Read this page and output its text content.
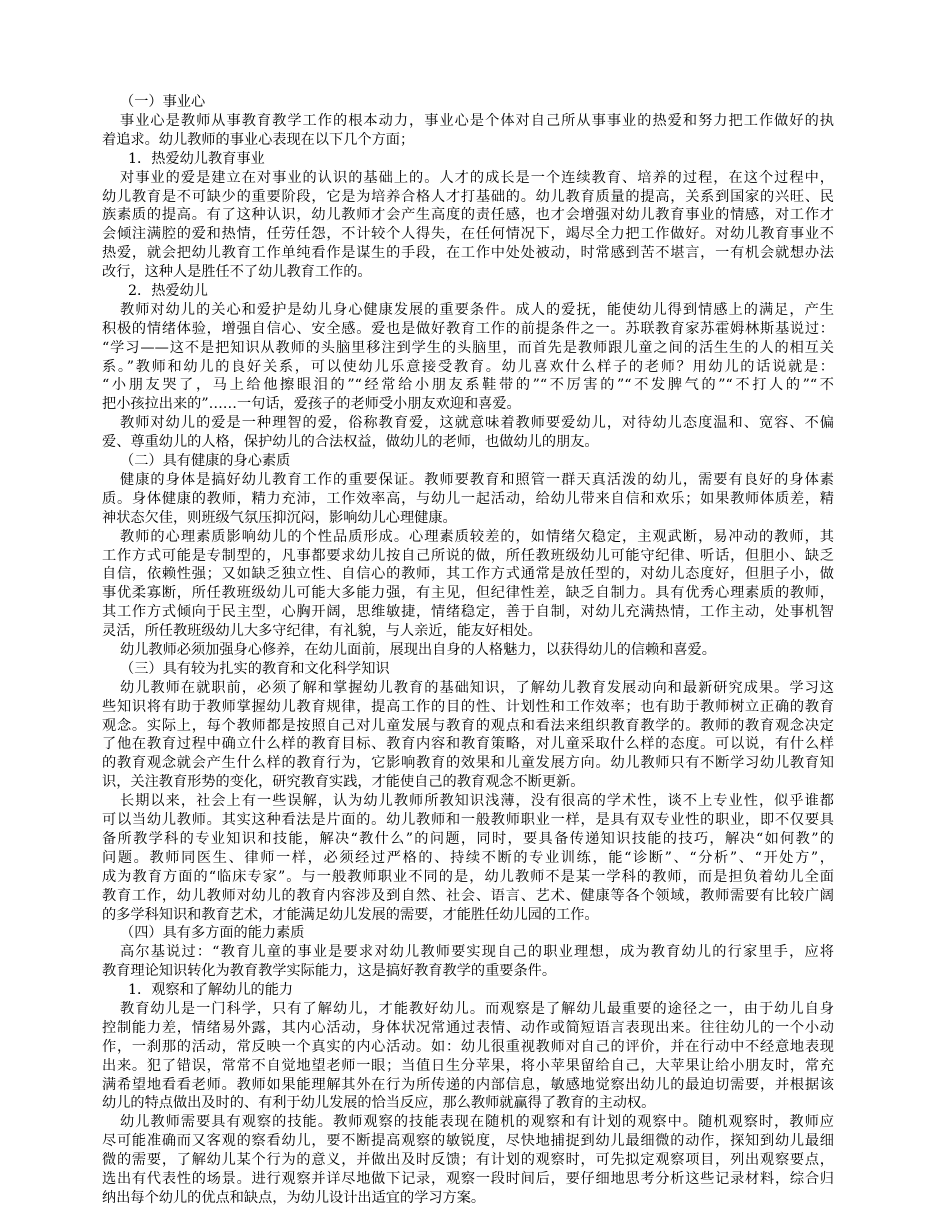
（一）事业心
事业心是教师从事教育教学工作的根本动力，事业心是个体对自己所从事事业的热爱和努力把工作做好的执
着追求。幼儿教师的事业心表现在以下几个方面；
1．热爱幼儿教育事业
对事业的爱是建立在对事业的认识的基础上的。人才的成长是一个连续教育、培养的过程，在这个过程中，
幼儿教育是不可缺少的重要阶段，它是为培养合格人才打基础的。幼儿教育质量的提高，关系到国家的兴旺、民
族素质的提高。有了这种认识，幼儿教师才会产生高度的责任感，也才会增强对幼儿教育事业的情感，对工作才
会倾注满腔的爱和热情，任劳任怨，不计较个人得失，在任何情况下，竭尽全力把工作做好。对幼儿教育事业不
热爱，就会把幼儿教育工作单纯看作是谋生的手段，在工作中处处被动，时常感到苦不堪言，一有机会就想办法
改行，这种人是胜任不了幼儿教育工作的。
2．热爱幼儿
教师对幼儿的关心和爱护是幼儿身心健康发展的重要条件。成人的爱抚，能使幼儿得到情感上的满足，产生
积极的情绪体验，增强自信心、安全感。爱也是做好教育工作的前提条件之一。苏联教育家苏霍姆林斯基说过：
“学习——这不是把知识从教师的头脑里移注到学生的头脑里，而首先是教师跟儿童之间的活生生的人的相互关
系。”教师和幼儿的良好关系，可以使幼儿乐意接受教育。幼儿喜欢什么样子的老师？用幼儿的话说就是：
“小朋友哭了，马上给他擦眼泪的”“经常给小朋友系鞋带的”“不厉害的”“不发脾气的”“不打人的”“不
把小孩拉出来的”……一句话，爱孩子的老师受小朋友欢迎和喜爱。
教师对幼儿的爱是一种理智的爱，俗称教育爱，这就意味着教师要爱幼儿，对待幼儿态度温和、宽容、不偏
爱、尊重幼儿的人格，保护幼儿的合法权益，做幼儿的老师，也做幼儿的朋友。
（二）具有健康的身心素质
健康的身体是搞好幼儿教育工作的重要保证。教师要教育和照管一群天真活泼的幼儿，需要有良好的身体素
质。身体健康的教师，精力充沛，工作效率高，与幼儿一起活动，给幼儿带来自信和欢乐；如果教师体质差，精
神状态欠佳，则班级气氛压抑沉闷，影响幼儿心理健康。
教师的心理素质影响幼儿的个性品质形成。心理素质较差的，如情绪欠稳定，主观武断，易冲动的教师，其
工作方式可能是专制型的，凡事都要求幼儿按自己所说的做，所任教班级幼儿可能守纪律、听话，但胆小、缺乏
自信，依赖性强；又如缺乏独立性、自信心的教师，其工作方式通常是放任型的，对幼儿态度好，但胆子小，做
事优柔寡断，所任教班级幼儿可能大多能力强，有主见，但纪律性差，缺乏自制力。具有优秀心理素质的教师，
其工作方式倾向于民主型，心胸开阔，思维敏捷，情绪稳定，善于自制，对幼儿充满热情，工作主动，处事机智
灵活，所任教班级幼儿大多守纪律，有礼貌，与人亲近，能友好相处。
幼儿教师必须加强身心修养，在幼儿面前，展现出自身的人格魅力，以获得幼儿的信赖和喜爱。
（三）具有较为扎实的教育和文化科学知识
幼儿教师在就职前，必须了解和掌握幼儿教育的基础知识，了解幼儿教育发展动向和最新研究成果。学习这
些知识将有助于教师掌握幼儿教育规律，提高工作的目的性、计划性和工作效率；也有助于教师树立正确的教育
观念。实际上，每个教师都是按照自己对儿童发展与教育的观点和看法来组织教育教学的。教师的教育观念决定
了他在教育过程中确立什么样的教育目标、教育内容和教育策略，对儿童采取什么样的态度。可以说，有什么样
的教育观念就会产生什么样的教育行为，它影响教育的效果和儿童发展方向。幼儿教师只有不断学习幼儿教育知
识，关注教育形势的变化，研究教育实践，才能使自己的教育观念不断更新。
长期以来，社会上有一些误解，认为幼儿教师所教知识浅薄，没有很高的学术性，谈不上专业性，似乎谁都
可以当幼儿教师。其实这种看法是片面的。幼儿教师和一般教师职业一样，是具有双专业性的职业，即不仅要具
备所教学科的专业知识和技能，解决“教什么”的问题，同时，要具备传递知识技能的技巧，解决“如何教”的
问题。教师同医生、律师一样，必须经过严格的、持续不断的专业训练，能“诊断”、“分析”、“开处方”，
成为教育方面的“临床专家”。与一般教师职业不同的是，幼儿教师不是某一学科的教师，而是担负着幼儿全面
教育工作，幼儿教师对幼儿的教育内容涉及到自然、社会、语言、艺术、健康等各个领域，教师需要有比较广阔
的多学科知识和教育艺术，才能满足幼儿发展的需要，才能胜任幼儿园的工作。
（四）具有多方面的能力素质
高尔基说过：“教育儿童的事业是要求对幼儿教师要实现自己的职业理想，成为教育幼儿的行家里手，应将
教育理论知识转化为教育教学实际能力，这是搞好教育教学的重要条件。
1．观察和了解幼儿的能力
教育幼儿是一门科学，只有了解幼儿，才能教好幼儿。而观察是了解幼儿最重要的途径之一，由于幼儿自身
控制能力差，情绪易外露，其内心活动，身体状况常通过表情、动作或简短语言表现出来。往往幼儿的一个小动
作，一刹那的活动，常反映一个真实的内心活动。如：幼儿很重视教师对自己的评价，并在行动中不经意地表现
出来。犯了错误，常常不自觉地望老师一眼；当值日生分苹果，将小苹果留给自己，大苹果让给小朋友时，常充
满希望地看看老师。教师如果能理解其外在行为所传递的内部信息，敏感地觉察出幼儿的最迫切需要，并根据该
幼儿的特点做出及时的、有利于幼儿发展的恰当反应，那么教师就赢得了教育的主动权。
幼儿教师需要具有观察的技能。教师观察的技能表现在随机的观察和有计划的观察中。随机观察时，教师应
尽可能准确而又客观的察看幼儿，要不断提高观察的敏锐度，尽快地捕捉到幼儿最细微的动作，探知到幼儿最细
微的需要，了解幼儿某个行为的意义，并做出及时反馈；有计划的观察时，可先拟定观察项目，列出观察要点，
选出有代表性的场景。进行观察并详尽地做下记录，观察一段时间后，要仔细地思考分析这些记录材料，综合归
纳出每个幼儿的优点和缺点，为幼儿设计出适宜的学习方案。
